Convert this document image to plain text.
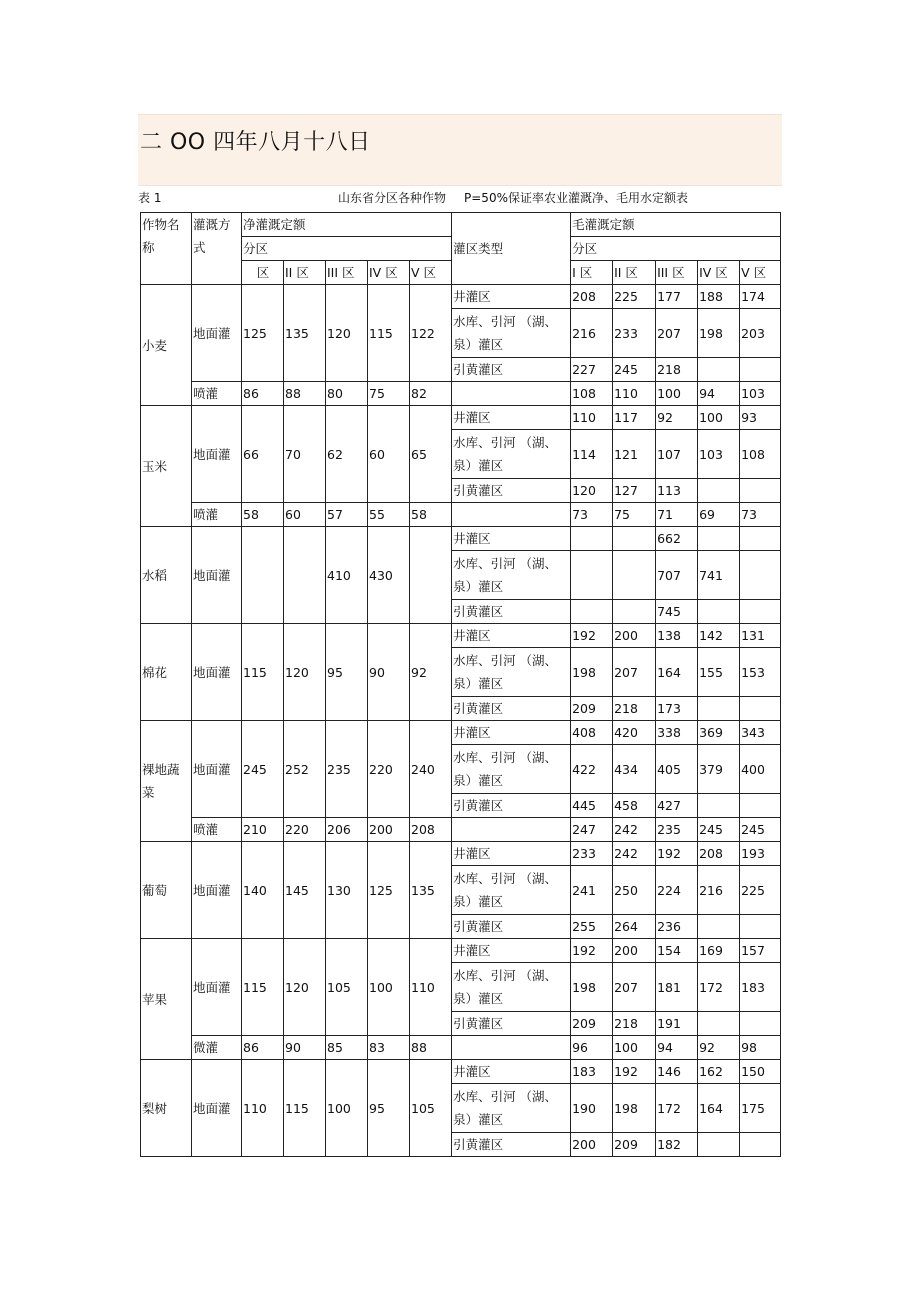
二 OO 四年八月十八日
表 1	山东省分区各种作物 P=50%保证率农业灌溉净、毛用水定额表
作物名称	灌溉方式	净灌溉定额					灌区类型	毛灌溉定额				
		分区						分区				
		区	II 区	III 区	IV 区	V 区		I 区	II 区	III 区	IV 区	V 区
小麦	地面灌	125	135	120	115	122	井灌区	208	225	177	188	174
							水库、引河 （湖、泉）灌区	216	233	207	198	203
							引黄灌区	227	245	218		
	喷灌	86	88	80	75	82		108	110	100	94	103
玉米	地面灌	66	70	62	60	65	井灌区	110	117	92	100	93
							水库、引河 （湖、泉）灌区	114	121	107	103	108
							引黄灌区	120	127	113		
	喷灌	58	60	57	55	58		73	75	71	69	73
水稻	地面灌			410	430		井灌区			662		
							水库、引河 （湖、泉）灌区			707	741	
							引黄灌区			745		
棉花	地面灌	115	120	95	90	92	井灌区	192	200	138	142	131
							水库、引河 （湖、泉）灌区	198	207	164	155	153
							引黄灌区	209	218	173		
裸地蔬菜	地面灌	245	252	235	220	240	井灌区	408	420	338	369	343
							水库、引河 （湖、泉）灌区	422	434	405	379	400
							引黄灌区	445	458	427		
	喷灌	210	220	206	200	208		247	242	235	245	245
葡萄	地面灌	140	145	130	125	135	井灌区	233	242	192	208	193
							水库、引河 （湖、泉）灌区	241	250	224	216	225
							引黄灌区	255	264	236		
苹果	地面灌	115	120	105	100	110	井灌区	192	200	154	169	157
							水库、引河 （湖、泉）灌区	198	207	181	172	183
							引黄灌区	209	218	191		
	微灌	86	90	85	83	88		96	100	94	92	98
梨树	地面灌	110	115	100	95	105	井灌区	183	192	146	162	150
							水库、引河 （湖、泉）灌区	190	198	172	164	175
							引黄灌区	200	209	182		
